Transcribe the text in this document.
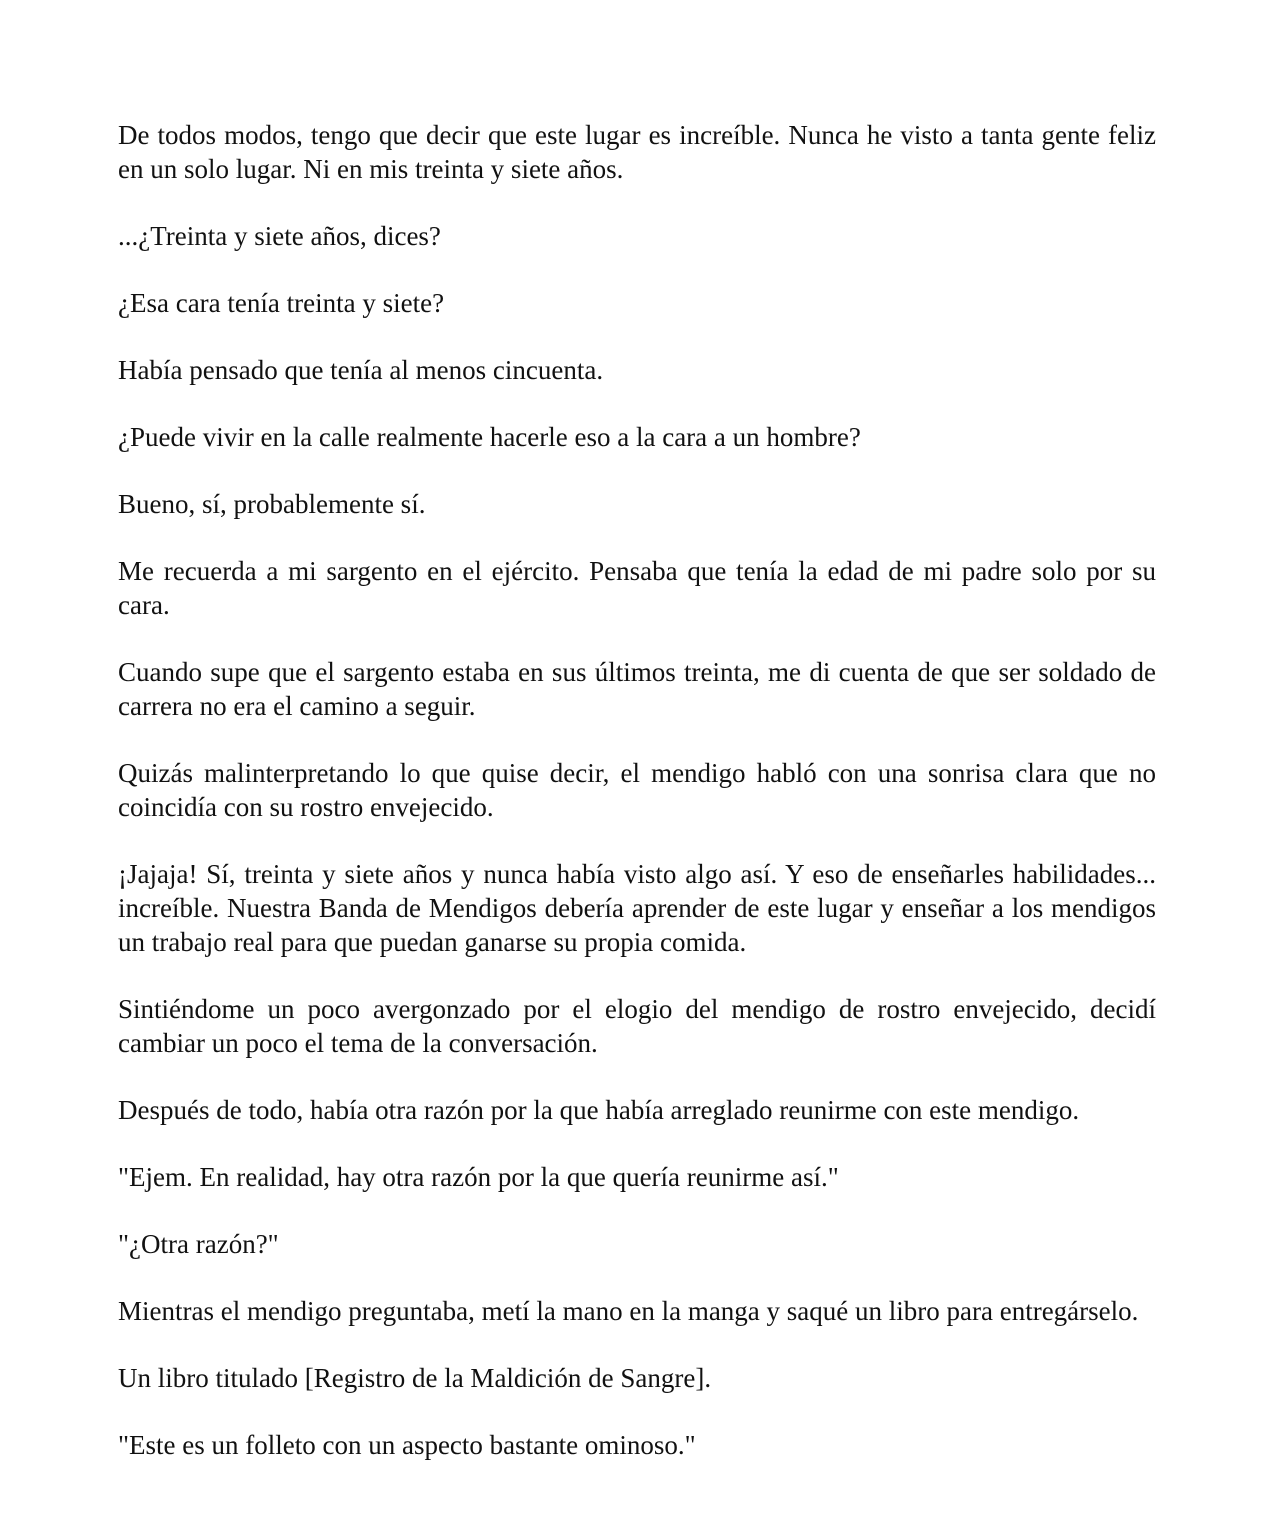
De todos modos, tengo que decir que este lugar es increíble. Nunca he visto a tanta gente feliz en un solo lugar. Ni en mis treinta y siete años.

...¿Treinta y siete años, dices?

¿Esa cara tenía treinta y siete?

Había pensado que tenía al menos cincuenta.

¿Puede vivir en la calle realmente hacerle eso a la cara a un hombre?

Bueno, sí, probablemente sí.

Me recuerda a mi sargento en el ejército. Pensaba que tenía la edad de mi padre solo por su cara.

Cuando supe que el sargento estaba en sus últimos treinta, me di cuenta de que ser soldado de carrera no era el camino a seguir.

Quizás malinterpretando lo que quise decir, el mendigo habló con una sonrisa clara que no coincidía con su rostro envejecido.

¡Jajaja! Sí, treinta y siete años y nunca había visto algo así. Y eso de enseñarles habilidades... increíble. Nuestra Banda de Mendigos debería aprender de este lugar y enseñar a los mendigos un trabajo real para que puedan ganarse su propia comida.

Sintiéndome un poco avergonzado por el elogio del mendigo de rostro envejecido, decidí cambiar un poco el tema de la conversación.

Después de todo, había otra razón por la que había arreglado reunirme con este mendigo.

"Ejem. En realidad, hay otra razón por la que quería reunirme así."

"¿Otra razón?"

Mientras el mendigo preguntaba, metí la mano en la manga y saqué un libro para entregárselo.

Un libro titulado [Registro de la Maldición de Sangre].

"Este es un folleto con un aspecto bastante ominoso."
